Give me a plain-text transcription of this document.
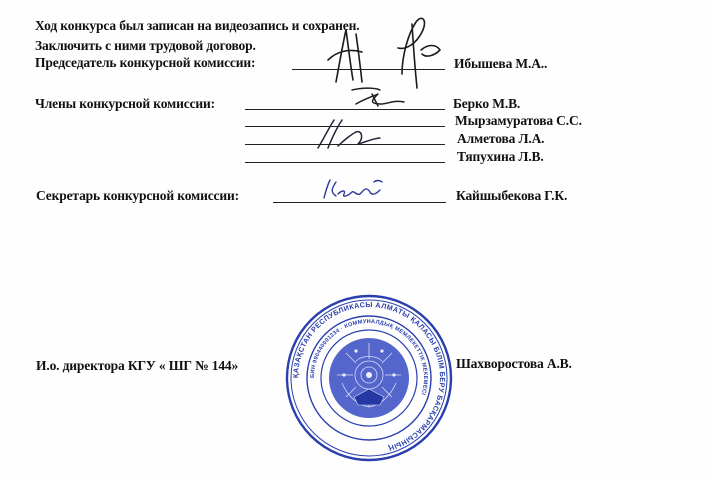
Ход конкурса был записан на видеозапись и сохранен.
Заключить с ними трудовой договор.
Председатель конкурсной комиссии:	Ибышева М.А..
Члены конкурсной комиссии:	Берко М.В.
Мырзамуратова С.С.
Алметова Л.А.
Тяпухина Л.В.
Секретарь конкурсной комиссии:	Кайшыбекова Г.К.
И.о. директора КГУ « ШГ № 144»	Шахворостова А.В.
ҚАЗАҚСТАН РЕСПУБЛИКАСЫ АЛМАТЫ ҚАЛАСЫ БІЛІМ БЕРУ БАСҚАРМАСЫНЫҢ
БИН 990440001234 · КОММУНАЛДЫҚ МЕМЛЕКЕТТІК МЕКЕМЕСІ
